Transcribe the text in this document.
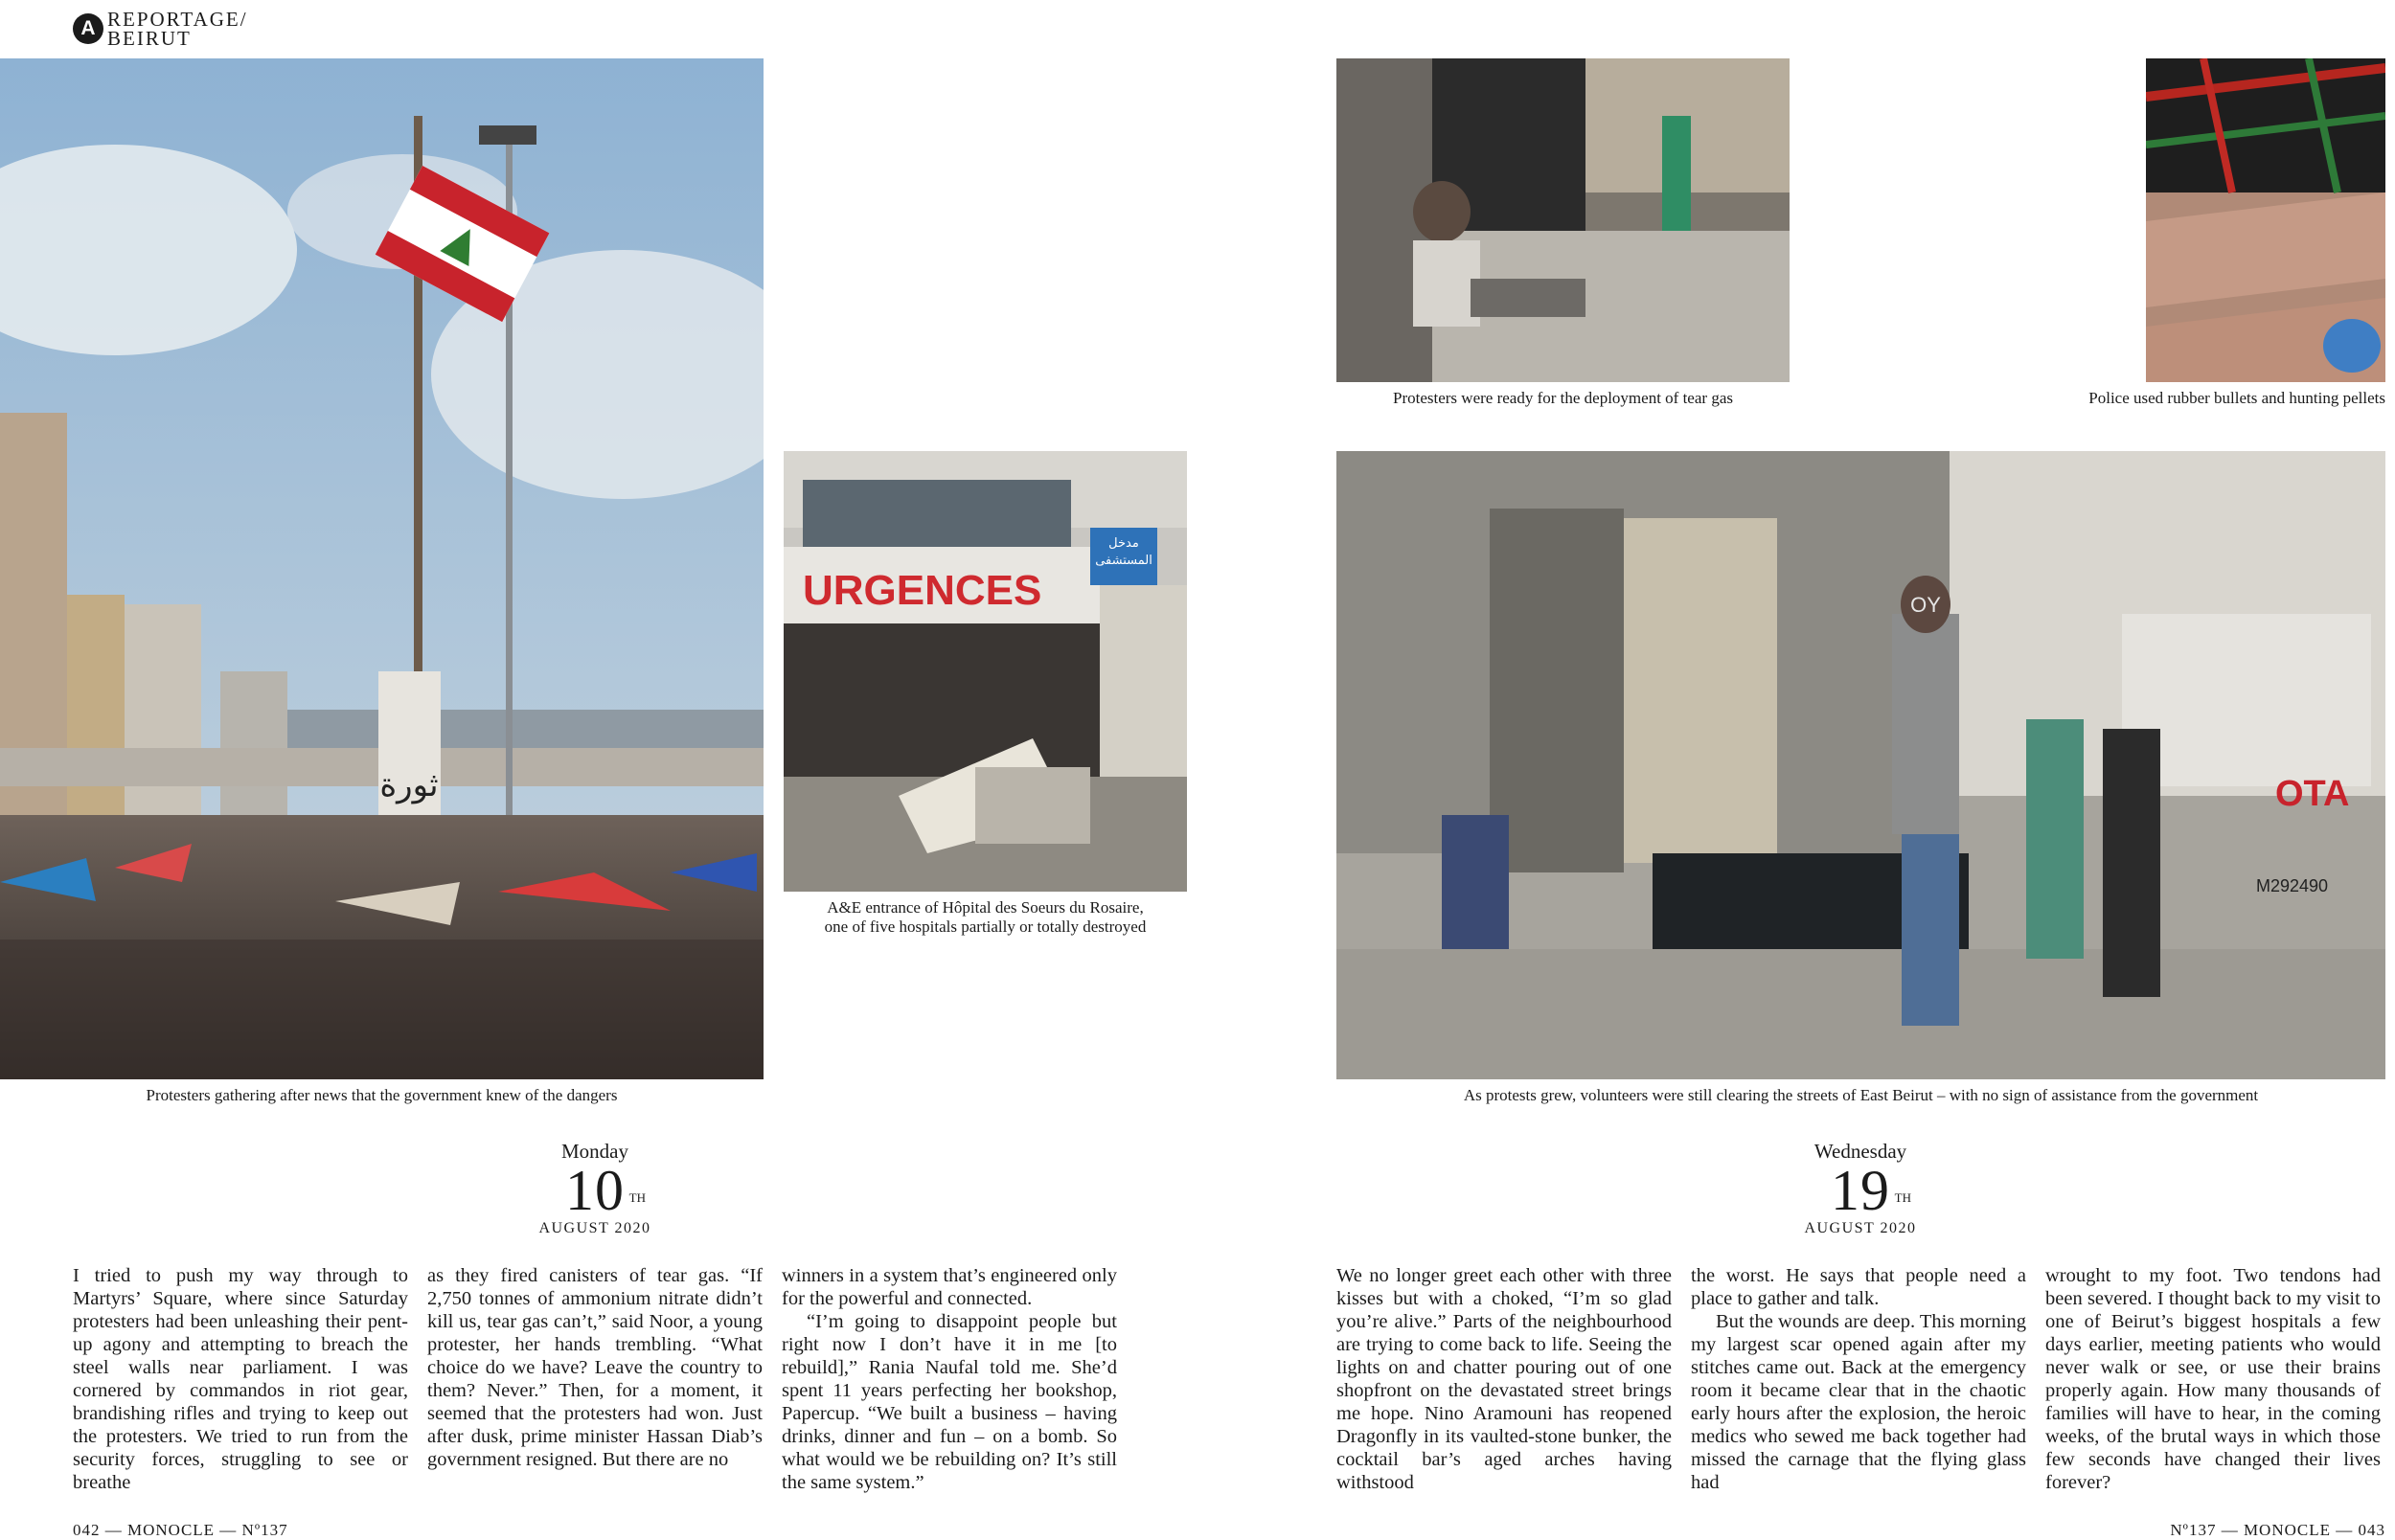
A REPORTAGE/
BEIRUT
ثورة
Protesters gathering after news that the government knew of the dangers
URGENCES
مدخل
المستشفى
A&E entrance of Hôpital des Soeurs du Rosaire,
one of five hospitals partially or totally destroyed
Protesters were ready for the deployment of tear gas	Police used rubber bullets and hunting pellets
OTA
M292490
OY
As protests grew, volunteers were still clearing the streets of East Beirut – with no sign of assistance from the government
Monday
10 TH
AUGUST 2020
Wednesday
19 TH
AUGUST 2020

I tried to push my way through to Martyrs’ Square, where since Saturday protesters had been unleashing their pent-up agony and attempting to breach the steel walls near parliament. I was cornered by commandos in riot gear, brandishing rifles and trying to keep out the protesters. We tried to run from the security forces, struggling to see or breathe

as they fired canisters of tear gas. “If 2,750 tonnes of ammonium nitrate didn’t kill us, tear gas can’t,” said Noor, a young protester, her hands trembling. “What choice do we have? Leave the country to them? Never.” Then, for a moment, it seemed that the protesters had won. Just after dusk, prime minister Hassan Diab’s government resigned. But there are no

winners in a system that’s engineered only for the powerful and connected.

“I’m going to disappoint people but right now I don’t have it in me [to rebuild],” Rania Naufal told me. She’d spent 11 years perfecting her bookshop, Papercup. “We built a business – having drinks, dinner and fun – on a bomb. So what would we be rebuilding on? It’s still the same system.”

We no longer greet each other with three kisses but with a choked, “I’m so glad you’re alive.” Parts of the neighbourhood are trying to come back to life. Seeing the lights on and chatter pouring out of one shopfront on the devastated street brings me hope. Nino Aramouni has reopened Dragonfly in its vaulted-stone bunker, the cocktail bar’s aged arches having withstood

the worst. He says that people need a place to gather and talk.

But the wounds are deep. This morning my largest scar opened again after my stitches came out. Back at the emergency room it became clear that in the chaotic early hours after the explosion, the heroic medics who sewed me back together had missed the carnage that the flying glass had

wrought to my foot. Two tendons had been severed. I thought back to my visit to one of Beirut’s biggest hospitals a few days earlier, meeting patients who would never walk or see, or use their brains properly again. How many thousands of families will have to hear, in the coming weeks, of the brutal ways in which those few seconds have changed their lives forever?

042 — MONOCLE — Nº137	Nº137 — MONOCLE — 043
